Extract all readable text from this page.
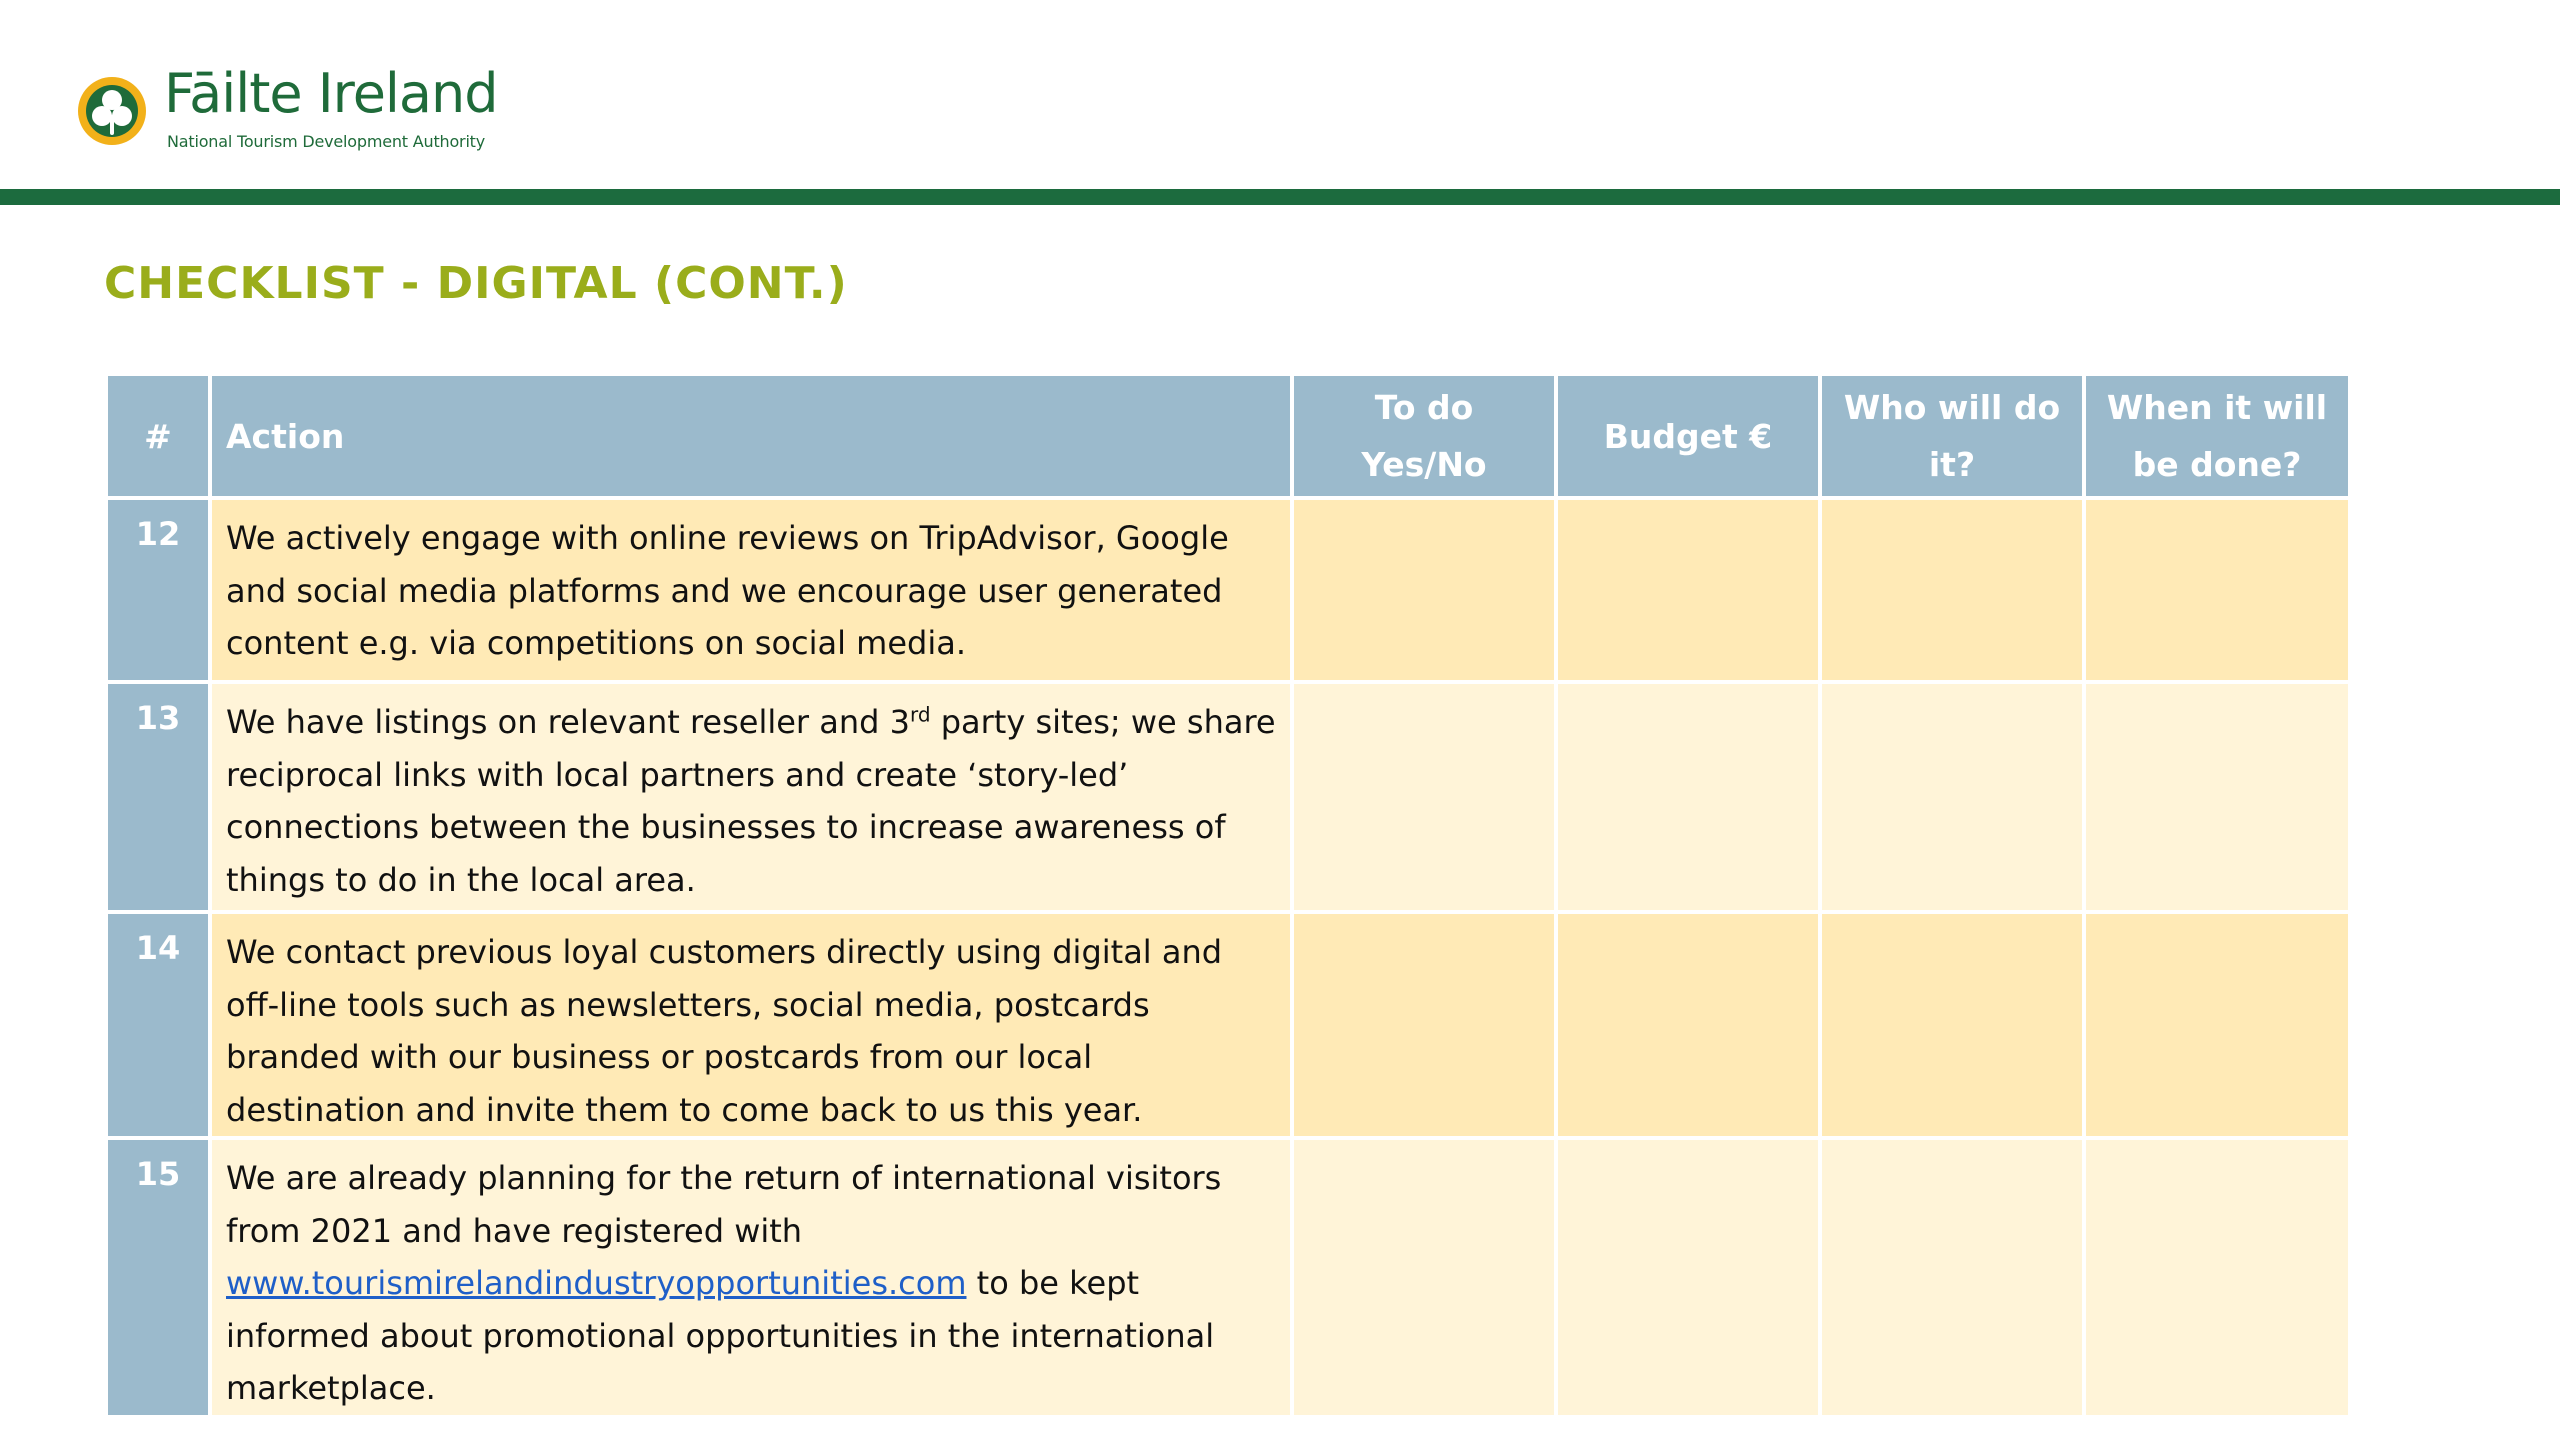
Fāilte Ireland
National Tourism Development Authority
CHECKLIST - DIGITAL (CONT.)
#	Action	To do Yes/No	Budget €	Who will do it?	When it will be done?
12	We actively engage with online reviews on TripAdvisor, Google and social media platforms and we encourage user generated content e.g. via competitions on social media.				
13	We have listings on relevant reseller and 3rd party sites; we share reciprocal links with local partners and create ‘story-led’ connections between the businesses to increase awareness of things to do in the local area.				
14	We contact previous loyal customers directly using digital and off-line tools such as newsletters, social media, postcards branded with our business or postcards from our local destination and invite them to come back to us this year.				
15	We are already planning for the return of international visitors from 2021 and have registered with www.tourismirelandindustryopportunities.com to be kept informed about promotional opportunities in the international marketplace.				
